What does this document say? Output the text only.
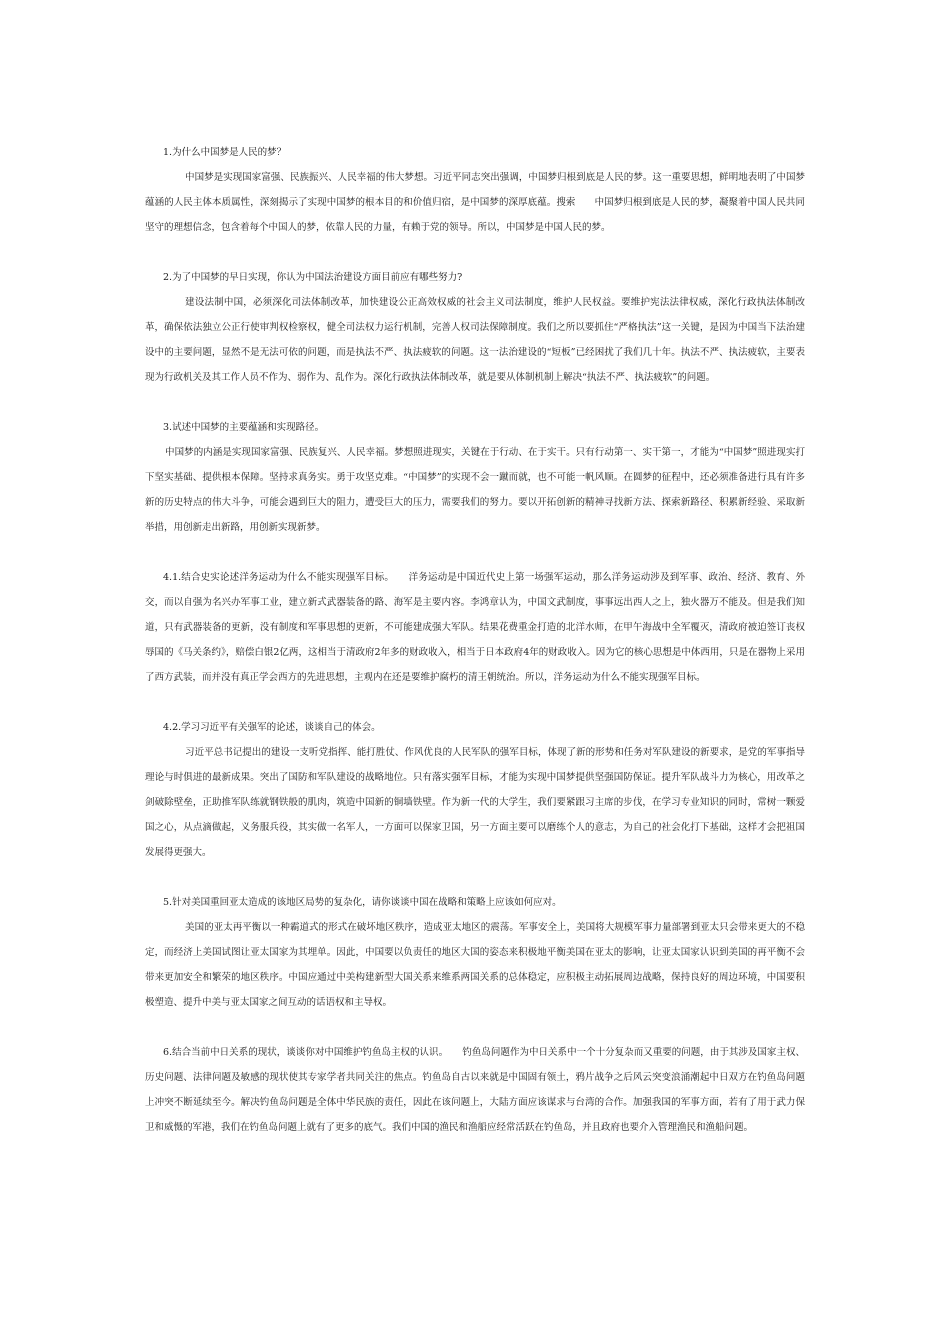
1.为什么中国梦是人民的梦？

中国梦是实现国家富强、民族振兴、人民幸福的伟大梦想。习近平同志突出强调，中国梦归根到底是人民的梦。这一重要思想，鲜明地表明了中国梦蕴涵的人民主体本质属性，深刻揭示了实现中国梦的根本目的和价值归宿，是中国梦的深厚底蕴。搜索　　中国梦归根到底是人民的梦，凝聚着中国人民共同坚守的理想信念，包含着每个中国人的梦，依靠人民的力量，有赖于党的领导。所以，中国梦是中国人民的梦。

2.为了中国梦的早日实现，你认为中国法治建设方面目前应有哪些努力?

建设法制中国，必须深化司法体制改革，加快建设公正高效权威的社会主义司法制度，维护人民权益。要维护宪法法律权威，深化行政执法体制改革，确保依法独立公正行使审判权检察权，健全司法权力运行机制，完善人权司法保障制度。我们之所以要抓住“严格执法”这一关键，是因为中国当下法治建设中的主要问题，显然不是无法可依的问题，而是执法不严、执法疲软的问题。这一法治建设的“短板”已经困扰了我们几十年。执法不严、执法疲软，主要表现为行政机关及其工作人员不作为、弱作为、乱作为。深化行政执法体制改革，就是要从体制机制上解决“执法不严、执法疲软”的问题。

3.试述中国梦的主要蕴涵和实现路径。

中国梦的内涵是实现国家富强、民族复兴、人民幸福。梦想照进现实，关键在于行动、在于实干。只有行动第一、实干第一，才能为“中国梦”照进现实打下坚实基础、提供根本保障。坚持求真务实。勇于攻坚克难。“中国梦”的实现不会一蹴而就，也不可能一帆风顺。在圆梦的征程中，还必须准备进行具有许多新的历史特点的伟大斗争，可能会遇到巨大的阻力，遭受巨大的压力，需要我们的努力。要以开拓创新的精神寻找新方法、探索新路径、积累新经验、采取新举措，用创新走出新路，用创新实现新梦。

4.1.结合史实论述洋务运动为什么不能实现强军目标。　　洋务运动是中国近代史上第一场强军运动，那么洋务运动涉及到军事、政治、经济、教育、外交，而以自强为名兴办军事工业，建立新式武器装备的路、海军是主要内容。李鸿章认为，中国文武制度，事事远出西人之上，独火器万不能及。但是我们知道，只有武器装备的更新，没有制度和军事思想的更新，不可能建成强大军队。结果花费重金打造的北洋水师，在甲午海战中全军覆灭，清政府被迫签订丧权辱国的《马关条约》，赔偿白银2亿两，这相当于清政府2年多的财政收入，相当于日本政府4年的财政收入。因为它的核心思想是中体西用，只是在器物上采用了西方武装，而并没有真正学会西方的先进思想，主观内在还是要维护腐朽的清王朝统治。所以，洋务运动为什么不能实现强军目标。

4.2.学习习近平有关强军的论述，谈谈自己的体会。

习近平总书记提出的建设一支听党指挥、能打胜仗、作风优良的人民军队的强军目标，体现了新的形势和任务对军队建设的新要求，是党的军事指导理论与时俱进的最新成果。突出了国防和军队建设的战略地位。只有落实强军目标，才能为实现中国梦提供坚强国防保证。提升军队战斗力为核心，用改革之剑破除壁垒，正助推军队练就钢铁般的肌肉，筑造中国新的铜墙铁壁。作为新一代的大学生，我们要紧跟习主席的步伐，在学习专业知识的同时，常树一颗爱国之心，从点滴做起，义务服兵役，其实做一名军人，一方面可以保家卫国，另一方面主要可以磨练个人的意志，为自己的社会化打下基础，这样才会把祖国发展得更强大。

5.针对美国重回亚太造成的该地区局势的复杂化，请你谈谈中国在战略和策略上应该如何应对。

美国的亚太再平衡以一种霸道式的形式在破坏地区秩序，造成亚太地区的震荡。军事安全上，美国将大规模军事力量部署到亚太只会带来更大的不稳定，而经济上美国试图让亚太国家为其埋单。因此，中国要以负责任的地区大国的姿态来积极地平衡美国在亚太的影响，让亚太国家认识到美国的再平衡不会带来更加安全和繁荣的地区秩序。中国应通过中美构建新型大国关系来维系两国关系的总体稳定，应积极主动拓展周边战略，保持良好的周边环境，中国要积极塑造、提升中美与亚太国家之间互动的话语权和主导权。

6.结合当前中日关系的现状，谈谈你对中国维护钓鱼岛主权的认识。　　钓鱼岛问题作为中日关系中一个十分复杂而又重要的问题，由于其涉及国家主权、历史问题、法律问题及敏感的现状使其专家学者共同关注的焦点。钓鱼岛自古以来就是中国固有领土，鸦片战争之后风云突变浪涌潮起中日双方在钓鱼岛问题上冲突不断延续至今。解决钓鱼岛问题是全体中华民族的责任，因此在该问题上，大陆方面应该谋求与台湾的合作。加强我国的军事方面，若有了用于武力保卫和威慑的军港，我们在钓鱼岛问题上就有了更多的底气。我们中国的渔民和渔船应经常活跃在钓鱼岛，并且政府也要介入管理渔民和渔船问题。
